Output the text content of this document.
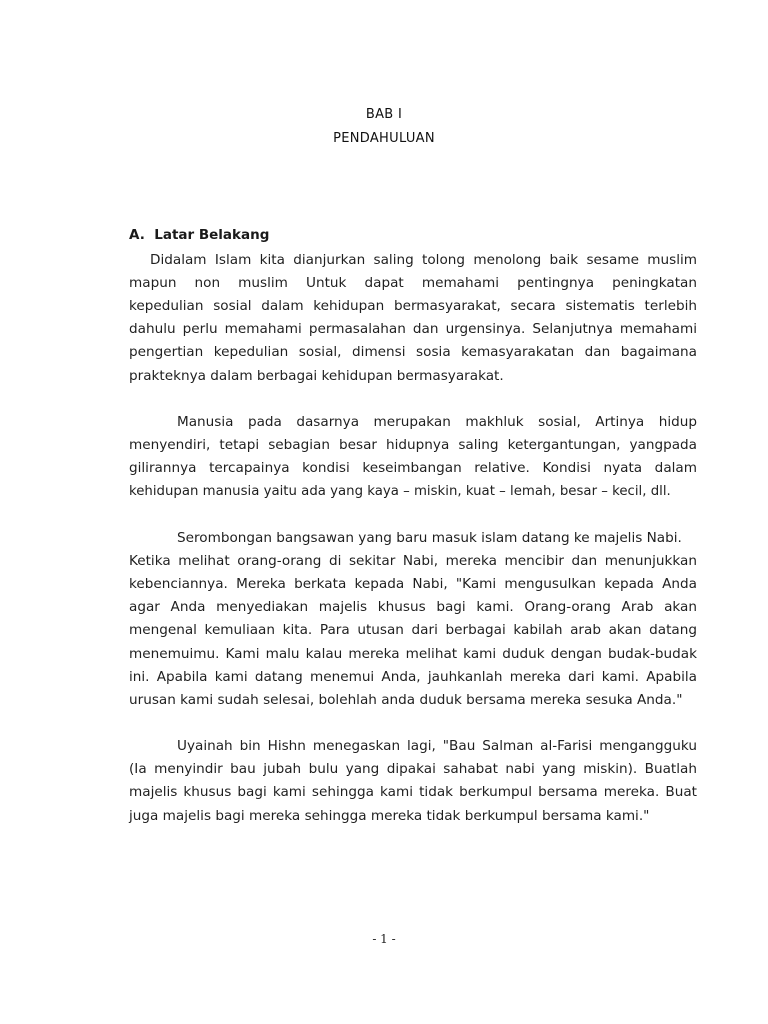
BAB I
PENDAHULUAN
A.  Latar Belakang
Didalam Islam kita dianjurkan saling tolong menolong baik sesame muslim
mapun non muslim Untuk dapat memahami pentingnya peningkatan
kepedulian sosial dalam kehidupan bermasyarakat, secara sistematis terlebih
dahulu perlu memahami permasalahan dan urgensinya. Selanjutnya memahami
pengertian kepedulian sosial, dimensi sosia kemasyarakatan dan bagaimana
prakteknya dalam berbagai kehidupan bermasyarakat.
Manusia pada dasarnya merupakan makhluk sosial, Artinya hidup
menyendiri, tetapi sebagian besar hidupnya saling ketergantungan, yangpada
gilirannya tercapainya kondisi keseimbangan relative. Kondisi nyata dalam
kehidupan manusia yaitu ada yang kaya – miskin, kuat – lemah, besar – kecil, dll.
Serombongan bangsawan yang baru masuk islam datang ke majelis Nabi.
Ketika melihat orang-orang di sekitar Nabi, mereka mencibir dan menunjukkan
kebenciannya. Mereka berkata kepada Nabi, "Kami mengusulkan kepada Anda
agar Anda menyediakan majelis khusus bagi kami. Orang-orang Arab akan
mengenal kemuliaan kita. Para utusan dari berbagai kabilah arab akan datang
menemuimu. Kami malu kalau mereka melihat kami duduk dengan budak-budak
ini. Apabila kami datang menemui Anda, jauhkanlah mereka dari kami. Apabila
urusan kami sudah selesai, bolehlah anda duduk bersama mereka sesuka Anda."
Uyainah bin Hishn menegaskan lagi, "Bau Salman al-Farisi mengangguku
(Ia menyindir bau jubah bulu yang dipakai sahabat nabi yang miskin). Buatlah
majelis khusus bagi kami sehingga kami tidak berkumpul bersama mereka. Buat
juga majelis bagi mereka sehingga mereka tidak berkumpul bersama kami."
- 1 -
